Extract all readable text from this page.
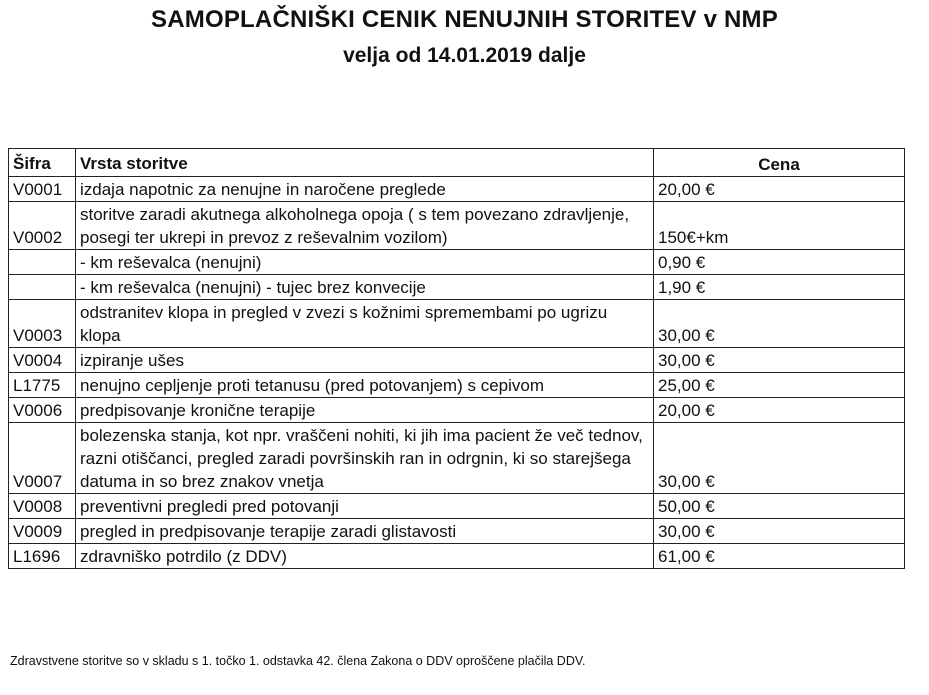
SAMOPLAČNIŠKI CENIK NENUJNIH STORITEV v NMP
velja od 14.01.2019 dalje
Šifra	Vrsta storitve	Cena
V0001	izdaja napotnic za nenujne in naročene preglede	20,00 €
V0002	storitve zaradi akutnega alkoholnega opoja ( s tem povezano zdravljenje, posegi ter ukrepi in prevoz z reševalnim vozilom)	150€+km
	- km reševalca (nenujni)	0,90 €
	- km reševalca (nenujni) - tujec brez konvecije	1,90 €
V0003	odstranitev klopa in pregled v zvezi s kožnimi spremembami po ugrizu klopa	30,00 €
V0004	izpiranje ušes	30,00 €
L1775	nenujno cepljenje proti tetanusu (pred potovanjem) s cepivom	25,00 €
V0006	predpisovanje kronične terapije	20,00 €
V0007	bolezenska stanja, kot npr. vraščeni nohiti, ki jih ima pacient že več tednov, razni otiščanci, pregled zaradi površinskih ran in odrgnin, ki so starejšega datuma in so brez znakov vnetja	30,00 €
V0008	preventivni pregledi pred potovanji	50,00 €
V0009	pregled in predpisovanje terapije zaradi glistavosti	30,00 €
L1696	zdravniško potrdilo (z DDV)	61,00 €

Zdravstvene storitve so v skladu s 1. točko 1. odstavka 42. člena Zakona o DDV oproščene plačila DDV.
